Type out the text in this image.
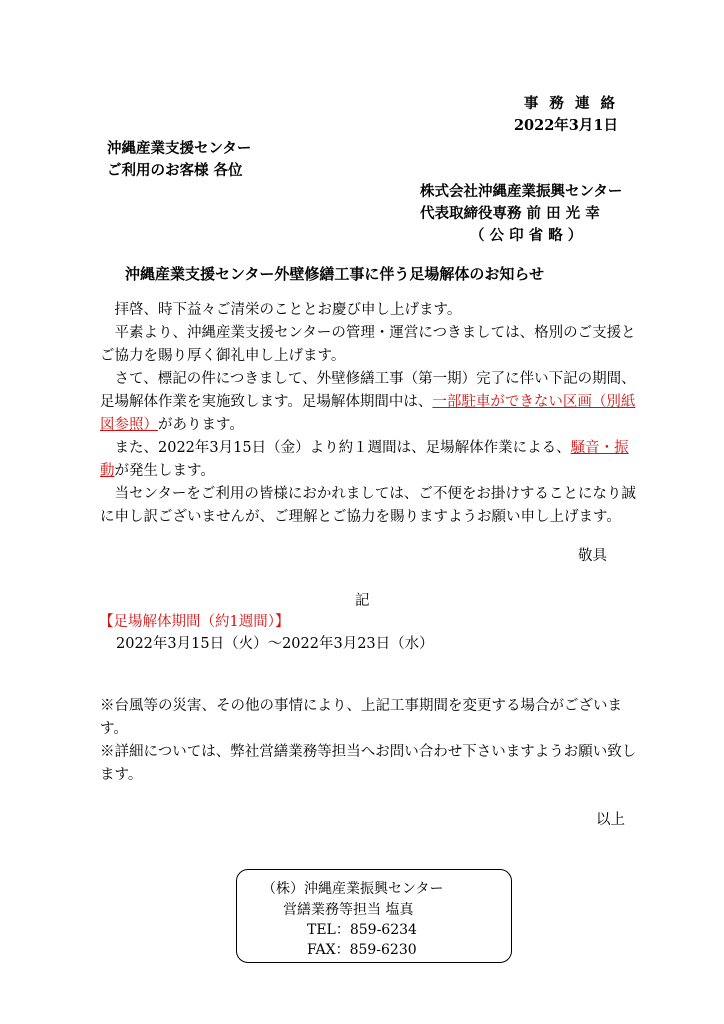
事 務 連 絡
2022年3月1日
沖縄産業支援センター
ご利用のお客様 各位
株式会社沖縄産業振興センター
代表取締役専務 前 田 光 幸
（ 公 印 省 略 ）
沖縄産業支援センター外壁修繕工事に伴う足場解体のお知らせ
拝啓、時下益々ご清栄のこととお慶び申し上げます。
平素より、沖縄産業支援センターの管理・運営につきましては、格別のご支援とご協力を賜り厚く御礼申し上げます。
さて、標記の件につきまして、外壁修繕工事（第一期）完了に伴い下記の期間、足場解体作業を実施致します。足場解体期間中は、一部駐車ができない区画（別紙図参照）があります。
また、2022年3月15日（金）より約１週間は、足場解体作業による、騒音・振動が発生します。
当センターをご利用の皆様におかれましては、ご不便をお掛けすることになり誠に申し訳ございませんが、ご理解とご協力を賜りますようお願い申し上げます。
敬具
記
【足場解体期間（約1週間）】
2022年3月15日（火）～2022年3月23日（水）
※台風等の災害、その他の事情により、上記工事期間を変更する場合がございます。
※詳細については、弊社営繕業務等担当へお問い合わせ下さいますようお願い致します。
以上
（株）沖縄産業振興センター
営繕業務等担当 塩真
TEL：859-6234
FAX：859-6230
